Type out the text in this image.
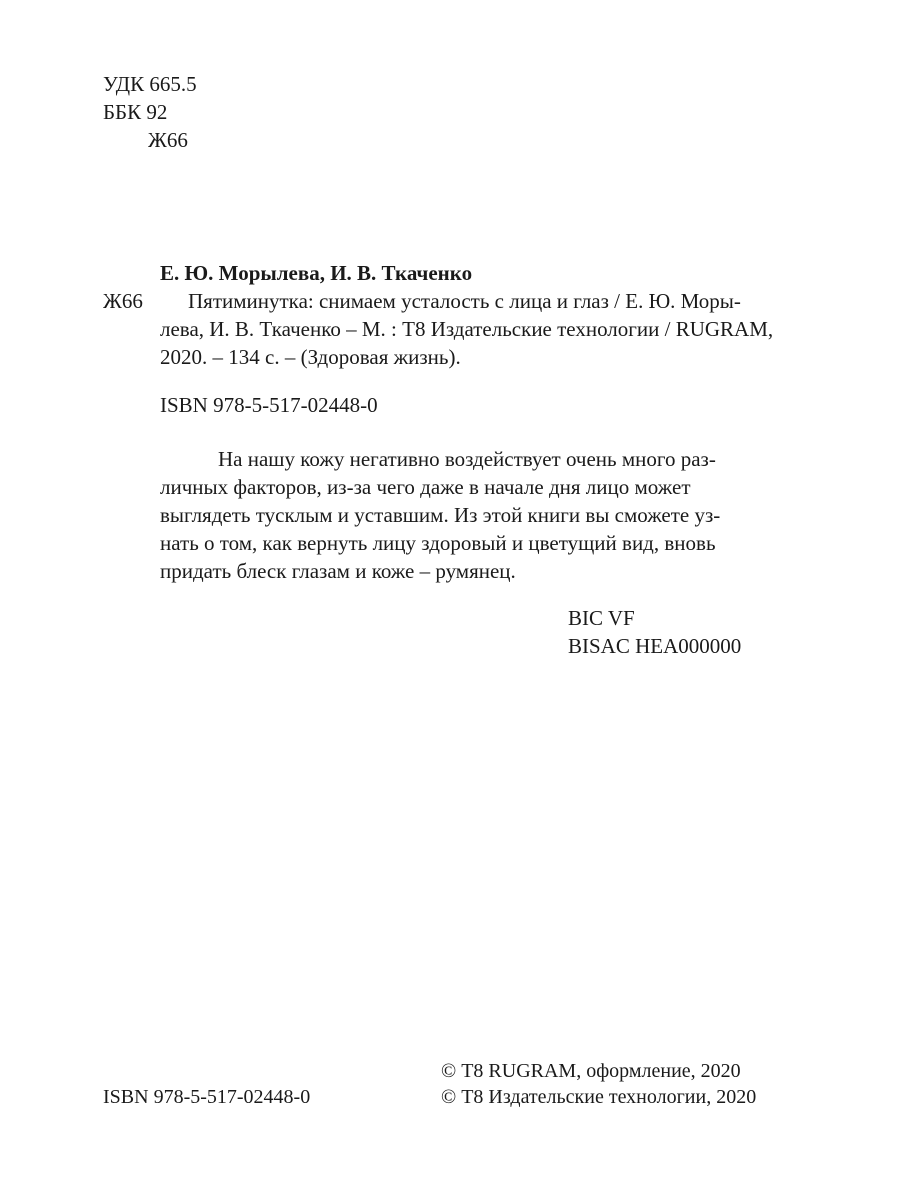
УДК 665.5
ББК 92
Ж66
Е. Ю. Морылева, И. В. Ткаченко
Ж66 Пятиминутка: снимаем усталость с лица и глаз / Е. Ю. Моры-
лева, И. В. Ткаченко – М. : Т8 Издательские технологии / RUGRAM,
2020. – 134 с. – (Здоровая жизнь).
ISBN 978-5-517-02448-0
На нашу кожу негативно воздействует очень много раз-
личных факторов, из-за чего даже в начале дня лицо может
выглядеть тусклым и уставшим. Из этой книги вы сможете уз-
нать о том, как вернуть лицу здоровый и цветущий вид, вновь
придать блеск глазам и коже – румянец.
BIC VF
BISAC HEA000000
ISBN 978-5-517-02448-0
© Т8 RUGRAM, оформление, 2020
© Т8 Издательские технологии, 2020
